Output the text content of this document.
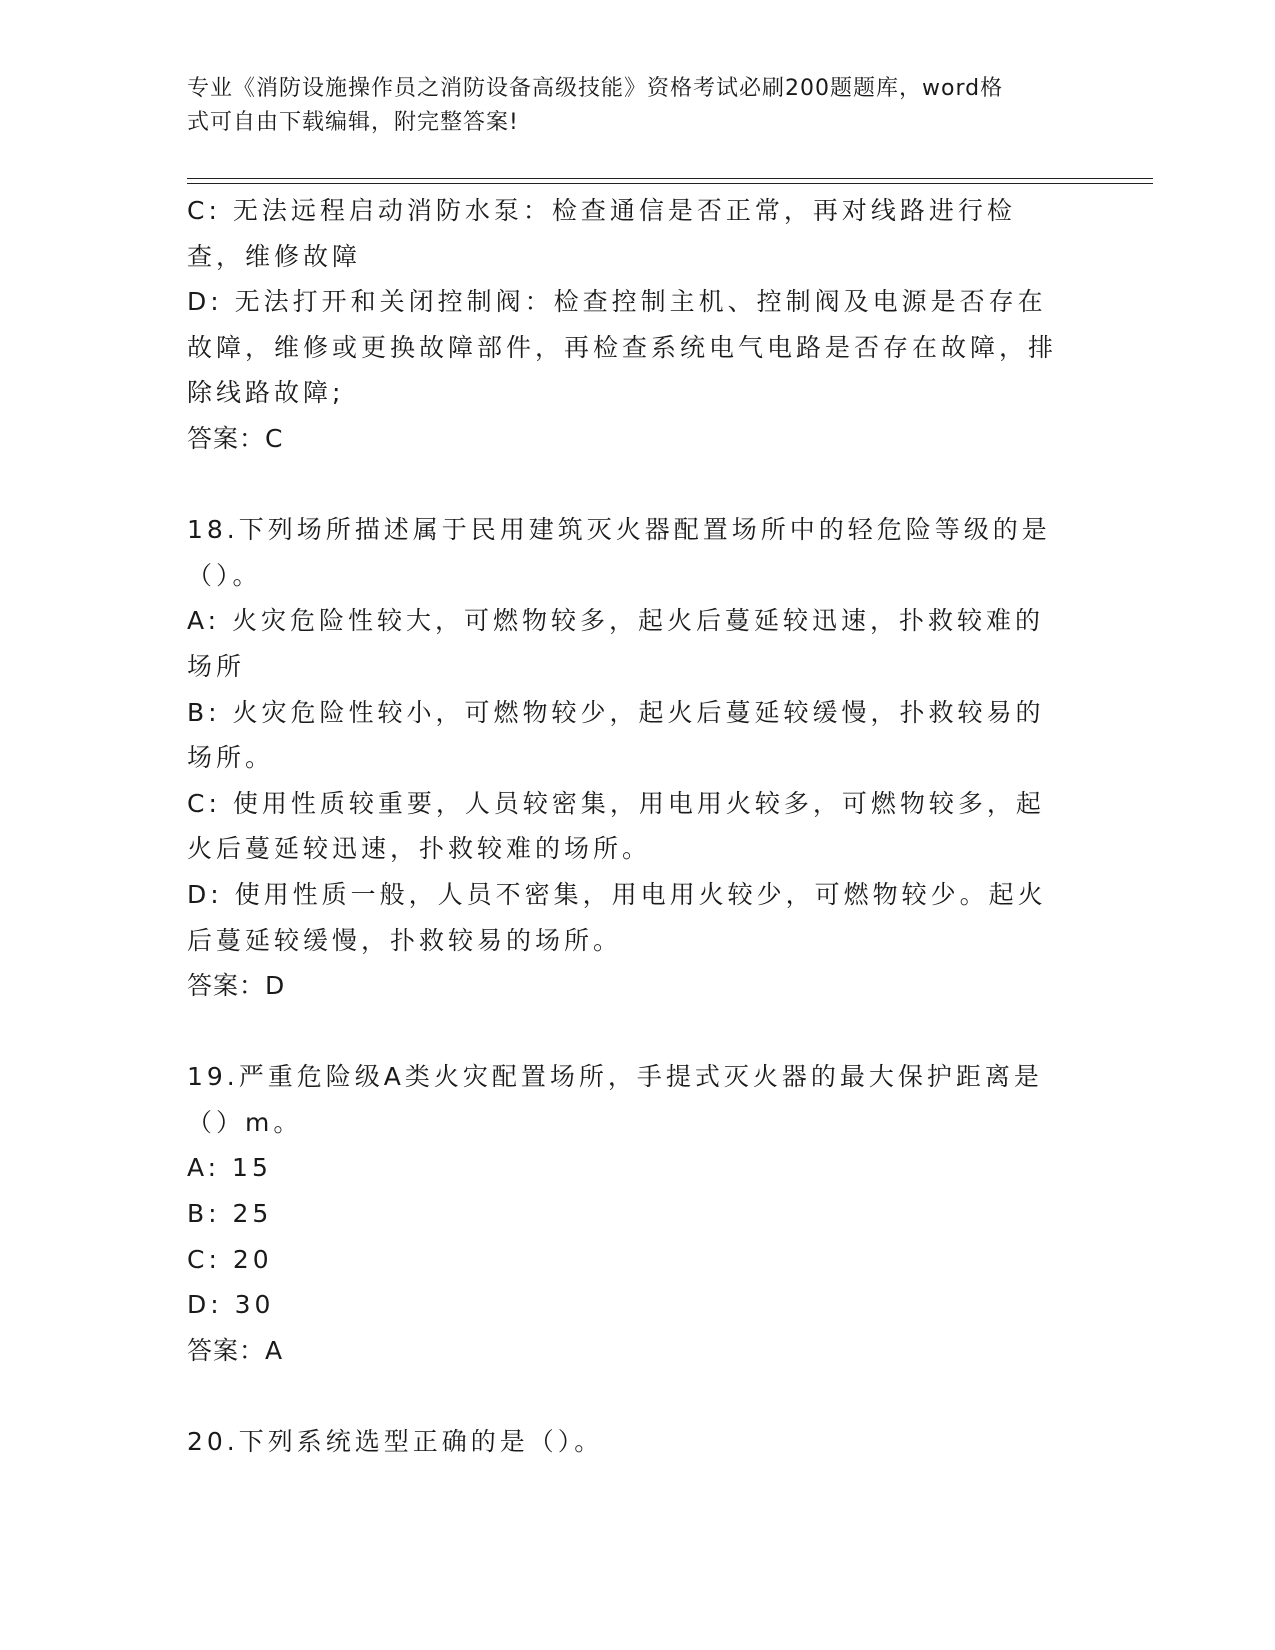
专业《消防设施操作员之消防设备高级技能》资格考试必刷200题题库，word格
式可自由下载编辑，附完整答案!

C: 无法远程启动消防水泵：检查通信是否正常，再对线路进行检查，维修故障

D: 无法打开和关闭控制阀：检查控制主机、控制阀及电源是否存在故障，维修或更换故障部件，再检查系统电气电路是否存在故障，排除线路故障;

答案：C

18.下列场所描述属于民用建筑灭火器配置场所中的轻危险等级的是（）。

A: 火灾危险性较大，可燃物较多，起火后蔓延较迅速，扑救较难的场所

B: 火灾危险性较小，可燃物较少，起火后蔓延较缓慢，扑救较易的场所。

C: 使用性质较重要，人员较密集，用电用火较多，可燃物较多，起火后蔓延较迅速，扑救较难的场所。

D: 使用性质一般，人员不密集，用电用火较少，可燃物较少。起火后蔓延较缓慢，扑救较易的场所。

答案：D

19.严重危险级A类火灾配置场所，手提式灭火器的最大保护距离是（）m。

A: 15

B: 25

C: 20

D: 30

答案：A

20.下列系统选型正确的是（）。
